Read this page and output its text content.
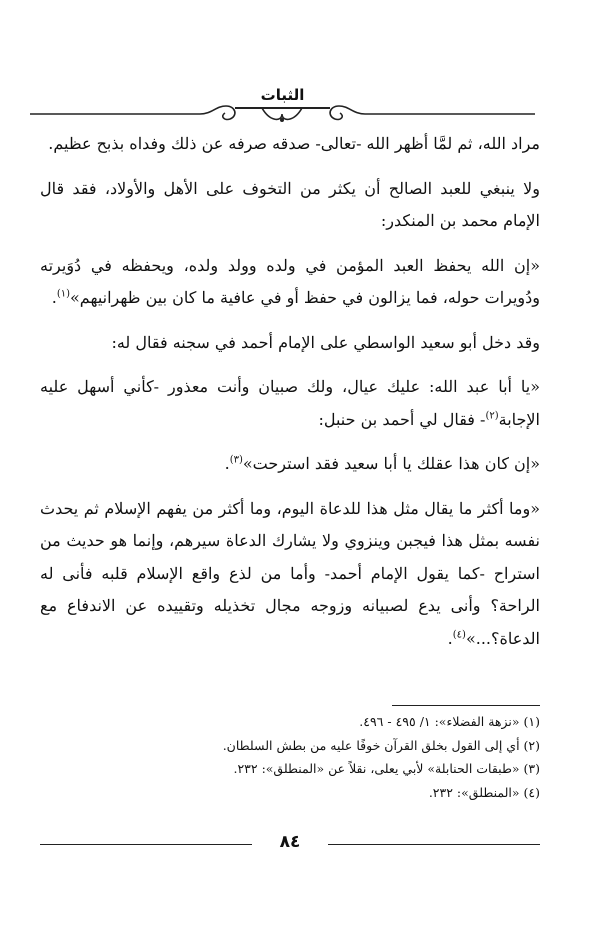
الثبات

مراد الله، ثم لمَّا أظهر الله -تعالى- صدقه صرفه عن ذلك وفداه بذبح عظيم.

ولا ينبغي للعبد الصالح أن يكثر من التخوف على الأهل والأولاد، فقد قال الإمام محمد بن المنكدر:

«إن الله يحفظ العبد المؤمن في ولده وولد ولده، ويحفظه في دُوَيرته ودُويرات حوله، فما يزالون في حفظ أو في عافية ما كان بين ظهرانيهم»$^{(١)}$.

وقد دخل أبو سعيد الواسطي على الإمام أحمد في سجنه فقال له:

«يا أبا عبد الله: عليك عيال، ولك صبيان وأنت معذور -كأني أسهل عليه الإجابة$^{(٢)}$- فقال لي أحمد بن حنبل:

«إن كان هذا عقلك يا أبا سعيد فقد استرحت»$^{(٣)}$.

«وما أكثر ما يقال مثل هذا للدعاة اليوم، وما أكثر من يفهم الإسلام ثم يحدث نفسه بمثل هذا فيجبن وينزوي ولا يشارك الدعاة سيرهم، وإنما هو حديث من استراح -كما يقول الإمام أحمد- وأما من لذع واقع الإسلام قلبه فأنى له الراحة؟ وأنى يدع لصبيانه وزوجه مجال تخذيله وتقييده عن الاندفاع مع الدعاة؟...»$^{(٤)}$.

(١) «نزهة الفضلاء»: ١/ ٤٩٥ - ٤٩٦.
(٢) أي إلى القول بخلق القرآن خوفًا عليه من بطش السلطان.
(٣) «طبقات الحنابلة» لأبي يعلى، نقلاً عن «المنطلق»: ٢٣٢.
(٤) «المنطلق»: ٢٣٢.
٨٤
